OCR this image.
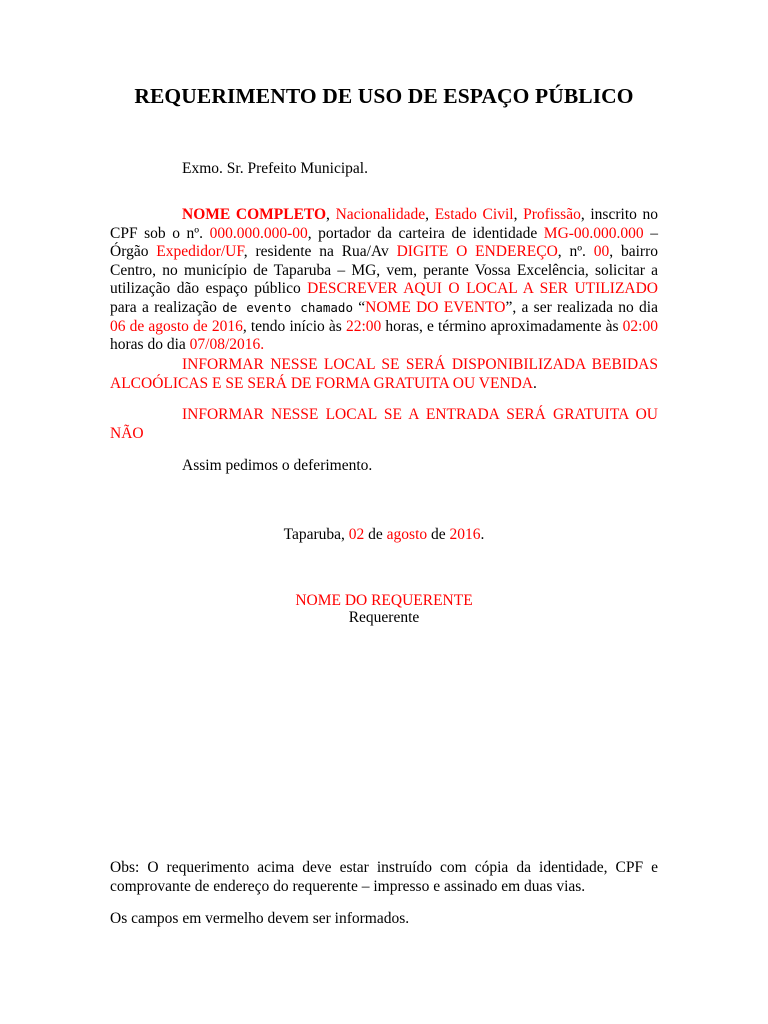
REQUERIMENTO DE USO DE ESPAÇO PÚBLICO
Exmo. Sr. Prefeito Municipal.
NOME COMPLETO, Nacionalidade, Estado Civil, Profissão, inscrito no CPF sob o nº. 000.000.000-00, portador da carteira de identidade MG-00.000.000 – Órgão Expedidor/UF, residente na Rua/Av DIGITE O ENDEREÇO, nº. 00, bairro Centro, no município de Taparuba – MG, vem, perante Vossa Excelência, solicitar a utilização dão espaço público DESCREVER AQUI O LOCAL A SER UTILIZADO para a realização de evento chamado “NOME DO EVENTO”, a ser realizada no dia 06 de agosto de 2016, tendo início às 22:00 horas, e término aproximadamente às 02:00 horas do dia 07/08/2016.
INFORMAR NESSE LOCAL SE SERÁ DISPONIBILIZADA BEBIDAS ALCOÓLICAS E SE SERÁ DE FORMA GRATUITA OU VENDA.
INFORMAR NESSE LOCAL SE A ENTRADA SERÁ GRATUITA OU NÃO
Assim pedimos o deferimento.
Taparuba, 02 de agosto de 2016.
NOME DO REQUERENTE
Requerente
Obs: O requerimento acima deve estar instruído com cópia da identidade, CPF e comprovante de endereço do requerente – impresso e assinado em duas vias.
Os campos em vermelho devem ser informados.
